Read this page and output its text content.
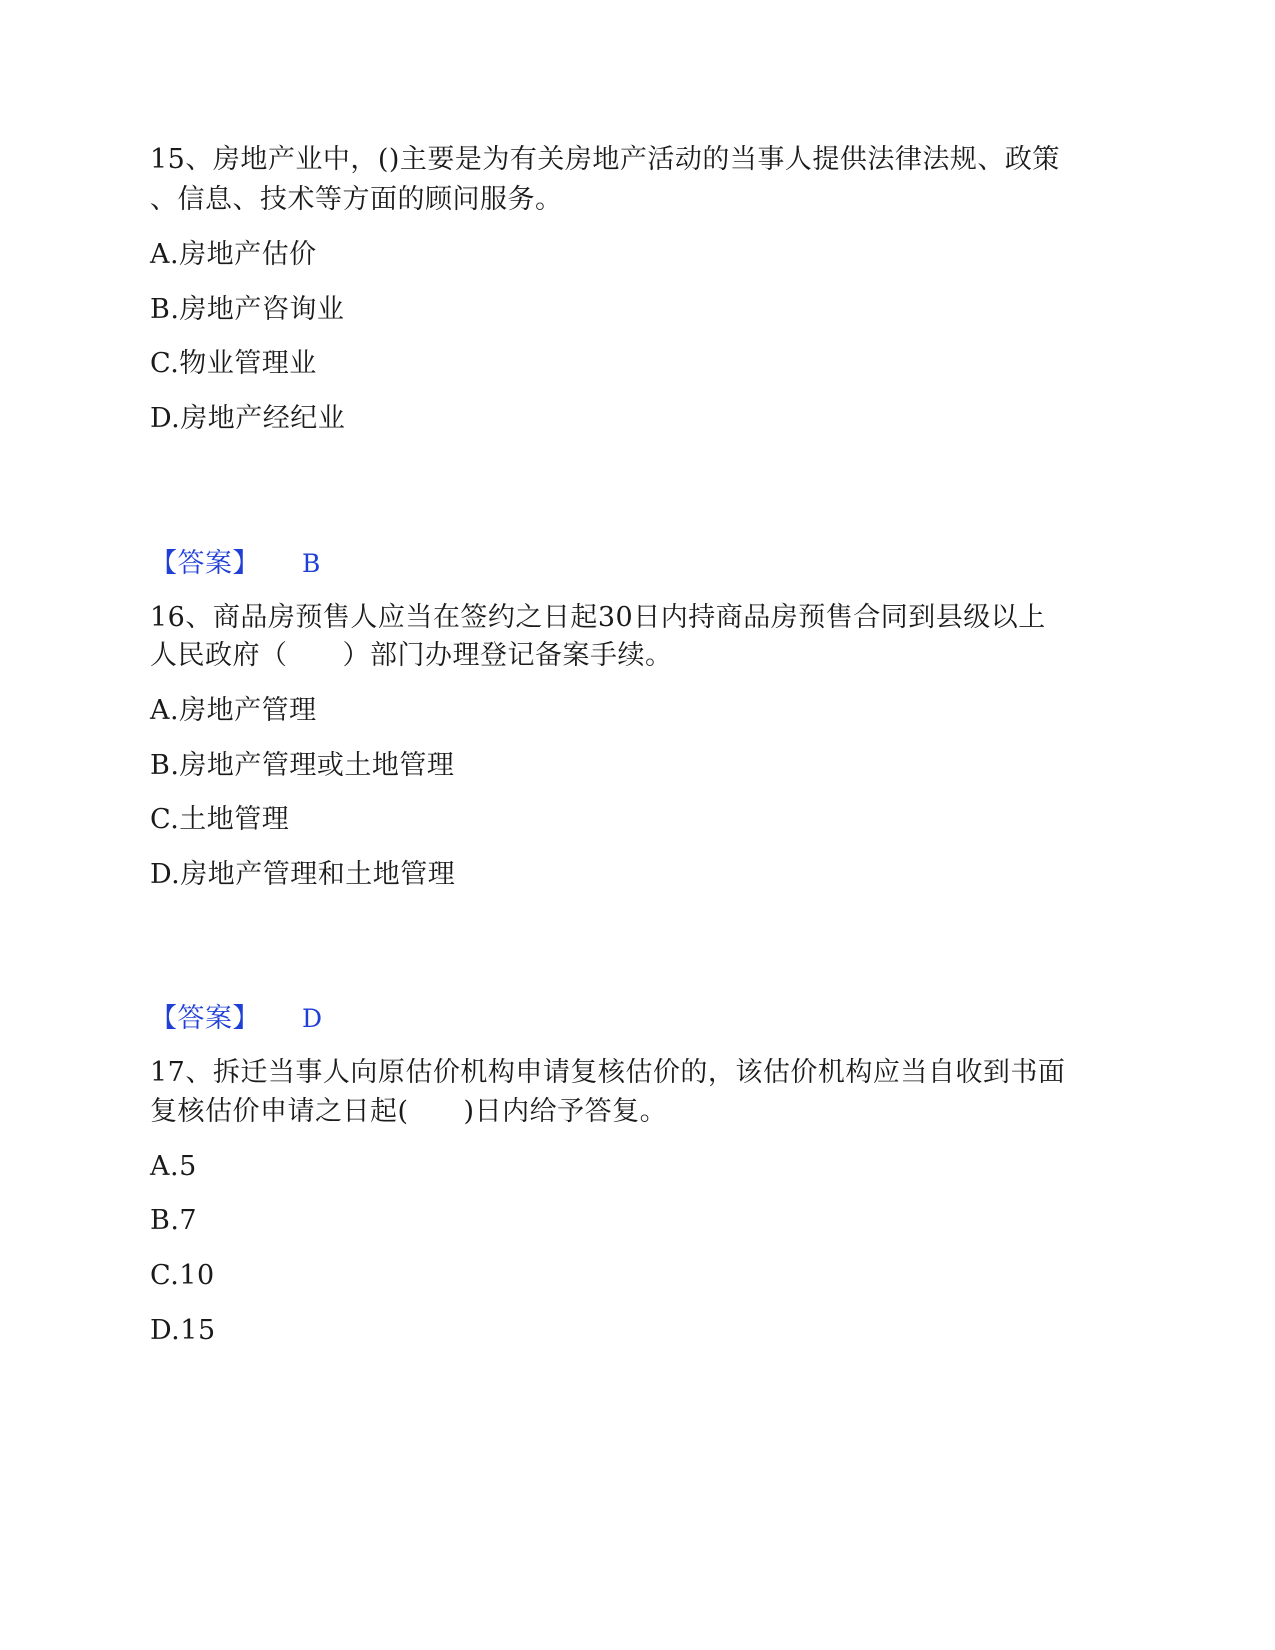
15、房地产业中，()主要是为有关房地产活动的当事人提供法律法规、政策
、信息、技术等方面的顾问服务。
A.房地产估价
B.房地产咨询业
C.物业管理业
D.房地产经纪业
【答案】 B
16、商品房预售人应当在签约之日起30日内持商品房预售合同到县级以上
人民政府（　　）部门办理登记备案手续。
A.房地产管理
B.房地产管理或土地管理
C.土地管理
D.房地产管理和土地管理
【答案】 D
17、拆迁当事人向原估价机构申请复核估价的，该估价机构应当自收到书面
复核估价申请之日起(　　)日内给予答复。
A.5
B.7
C.10
D.15
